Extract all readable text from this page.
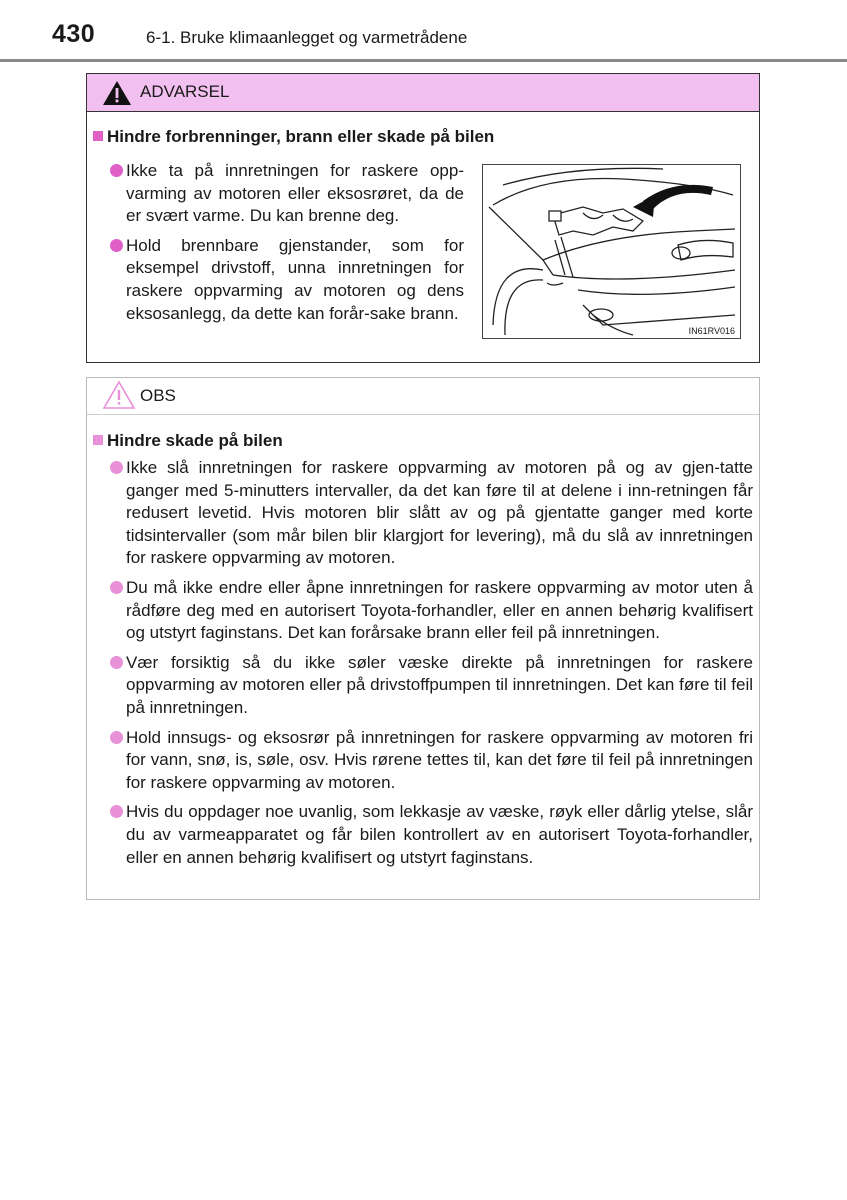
430	6-1. Bruke klimaanlegget og varmetrådene
ADVARSEL
Hindre forbrenninger, brann eller skade på bilen
Ikke ta på innretningen for raskere opp-varming av motoren eller eksosrøret, da de er svært varme. Du kan brenne deg.
Hold brennbare gjenstander, som for eksempel drivstoff, unna innretningen for raskere oppvarming av motoren og dens eksosanlegg, da dette kan forår-sake brann.
IN61RV016
OBS
Hindre skade på bilen
Ikke slå innretningen for raskere oppvarming av motoren på og av gjen-tatte ganger med 5-minutters intervaller, da det kan føre til at delene i inn-retningen får redusert levetid. Hvis motoren blir slått av og på gjentatte ganger med korte tidsintervaller (som mår bilen blir klargjort for levering), må du slå av innretningen for raskere oppvarming av motoren.
Du må ikke endre eller åpne innretningen for raskere oppvarming av motor uten å rådføre deg med en autorisert Toyota-forhandler, eller en annen behørig kvalifisert og utstyrt faginstans. Det kan forårsake brann eller feil på innretningen.
Vær forsiktig så du ikke søler væske direkte på innretningen for raskere oppvarming av motoren eller på drivstoffpumpen til innretningen. Det kan føre til feil på innretningen.
Hold innsugs- og eksosrør på innretningen for raskere oppvarming av motoren fri for vann, snø, is, søle, osv. Hvis rørene tettes til, kan det føre til feil på innretningen for raskere oppvarming av motoren.
Hvis du oppdager noe uvanlig, som lekkasje av væske, røyk eller dårlig ytelse, slår du av varmeapparatet og får bilen kontrollert av en autorisert Toyota-forhandler, eller en annen behørig kvalifisert og utstyrt faginstans.
